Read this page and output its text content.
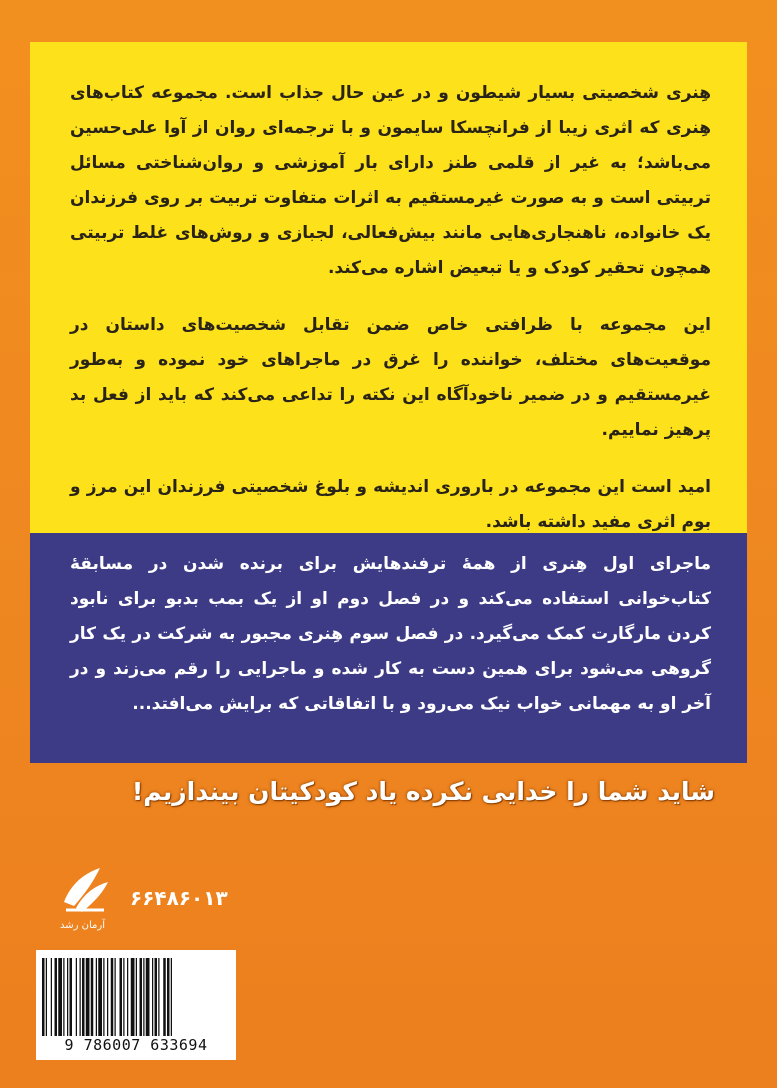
هِنری شخصیتی بسیار شیطون و در عین حال جذاب است. مجموعه کتاب‌های هِنری که اثری زیبا از فرانچسکا سایمون و با ترجمه‌ای روان از آوا علی‌حسین می‌باشد؛ به غیر از قلمی طنز دارای بار آموزشی و روان‌شناختی مسائل تربیتی است و به صورت غیرمستقیم به اثرات متفاوت تربیت بر روی فرزندان یک خانواده، ناهنجاری‌هایی مانند بیش‌فعالی، لجبازی و روش‌های غلط تربیتی همچون تحقیر کودک و یا تبعیض اشاره می‌کند.

این مجموعه با ظرافتی خاص ضمن تقابل شخصیت‌های داستان در موقعیت‌های مختلف، خواننده را غرق در ماجراهای خود نموده و به‌طور غیرمستقیم و در ضمیر ناخودآگاه این نکته را تداعی می‌کند که باید از فعل بد پرهیز نماییم.

امید است این مجموعه در باروری اندیشه و بلوغ شخصیتی فرزندان این مرز و بوم اثری مفید داشته باشد.

ماجرای اول هِنری از همهٔ ترفندهایش برای برنده شدن در مسابقهٔ کتاب‌خوانی استفاده می‌کند و در فصل دوم او از یک بمب بدبو برای نابود کردن مارگارت کمک می‌گیرد. در فصل سوم هِنری مجبور به شرکت در یک کار گروهی می‌شود برای همین دست به کار شده و ماجرایی را رقم می‌زند و در آخر او به مهمانی خواب نیک می‌رود و با اتفاقاتی که برایش می‌افتد...

شاید شما را خدایی نکرده یاد کودکیتان بیندازیم!
۶۶۴۸۶۰۱۳
آرمان رشد
9 786007 633694
